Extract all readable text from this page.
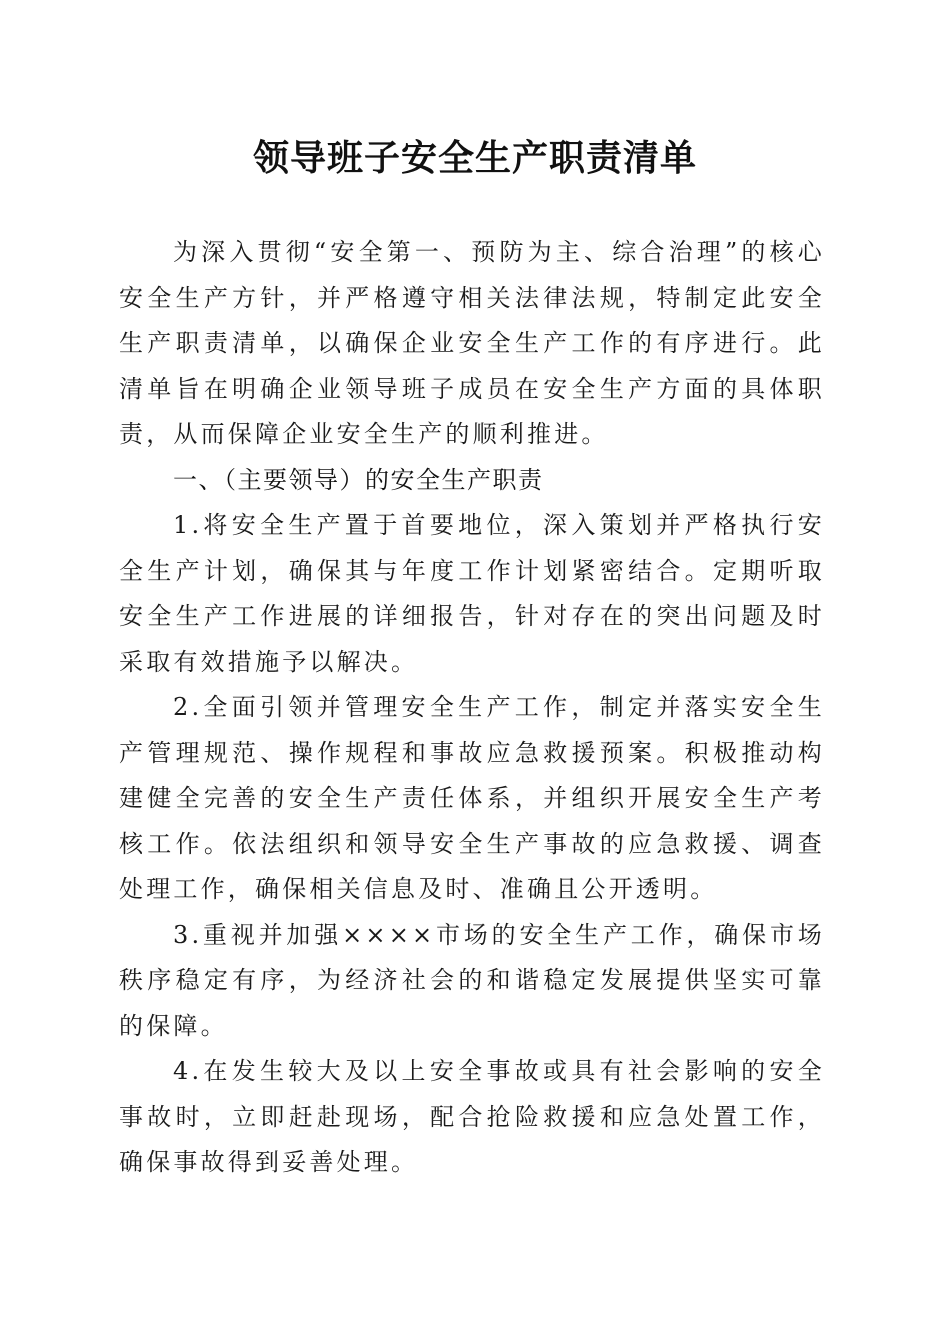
领导班子安全生产职责清单

为深入贯彻“安全第一、预防为主、综合治理”的核心安全生产方针，并严格遵守相关法律法规，特制定此安全生产职责清单，以确保企业安全生产工作的有序进行。此清单旨在明确企业领导班子成员在安全生产方面的具体职责，从而保障企业安全生产的顺利推进。

一、（主要领导）的安全生产职责

1.将安全生产置于首要地位，深入策划并严格执行安全生产计划，确保其与年度工作计划紧密结合。定期听取安全生产工作进展的详细报告，针对存在的突出问题及时采取有效措施予以解决。

2.全面引领并管理安全生产工作，制定并落实安全生产管理规范、操作规程和事故应急救援预案。积极推动构建健全完善的安全生产责任体系，并组织开展安全生产考核工作。依法组织和领导安全生产事故的应急救援、调查处理工作，确保相关信息及时、准确且公开透明。

3.重视并加强××××市场的安全生产工作，确保市场秩序稳定有序，为经济社会的和谐稳定发展提供坚实可靠的保障。

4.在发生较大及以上安全事故或具有社会影响的安全事故时，立即赶赴现场，配合抢险救援和应急处置工作，确保事故得到妥善处理。
